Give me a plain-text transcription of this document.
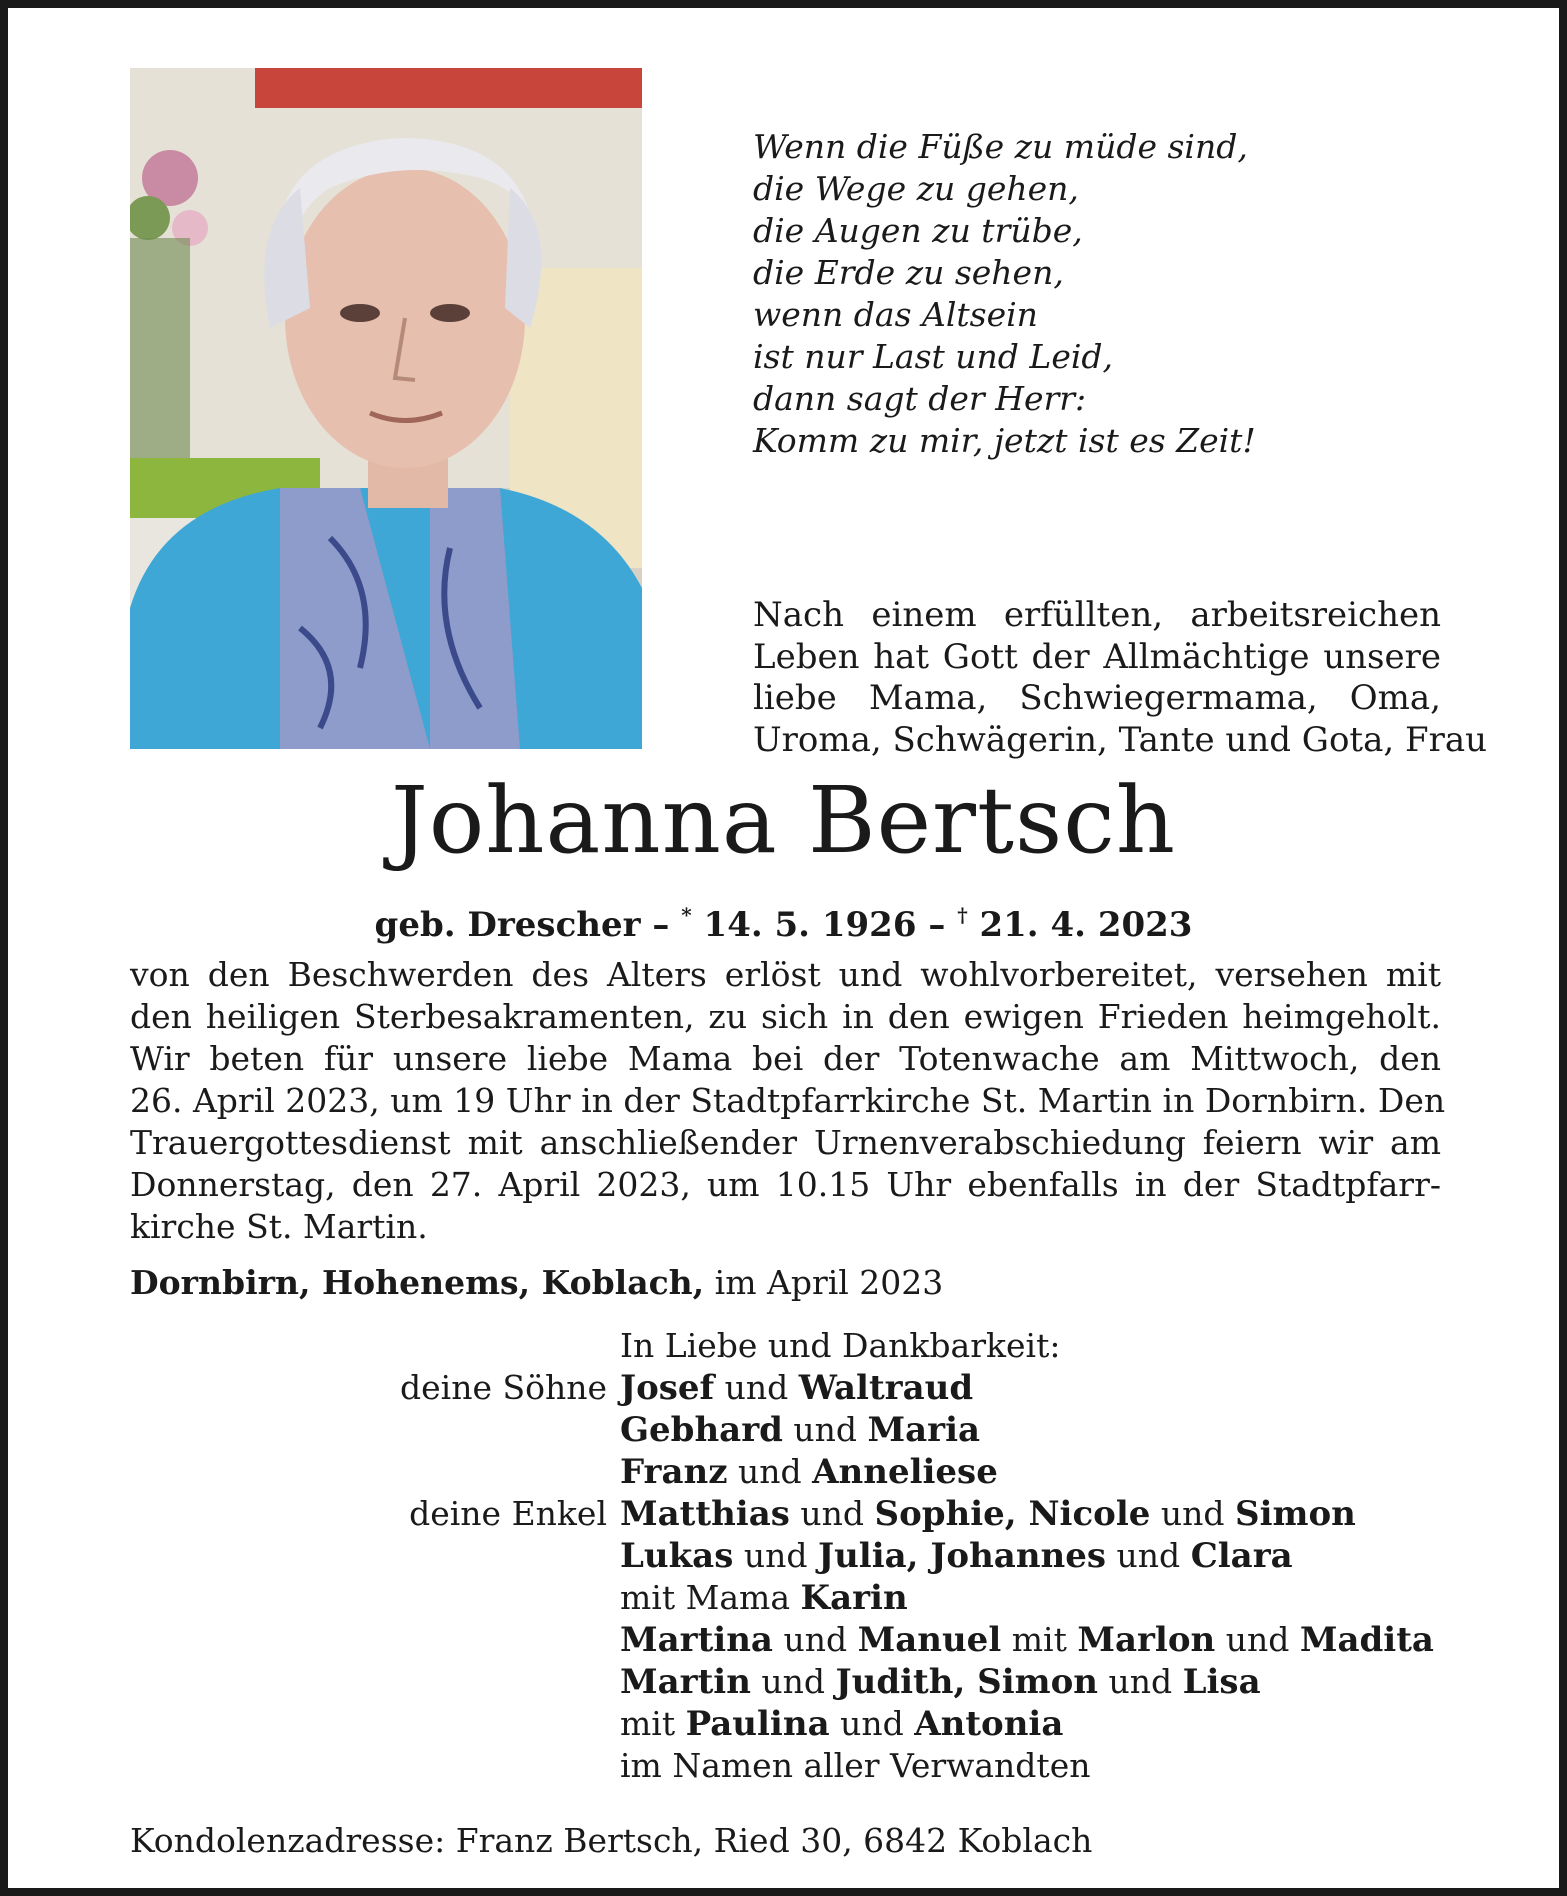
Wenn die Füße zu müde sind,
die Wege zu gehen,
die Augen zu trübe,
die Erde zu sehen,
wenn das Altsein
ist nur Last und Leid,
dann sagt der Herr:
Komm zu mir, jetzt ist es Zeit!
Nach einem erfüllten, arbeitsreichen
Leben hat Gott der Allmächtige unsere
liebe Mama, Schwiegermama, Oma,
Uroma, Schwägerin, Tante und Gota, Frau
Johanna Bertsch
geb. Drescher – * 14. 5. 1926 – † 21. 4. 2023
von den Beschwerden des Alters erlöst und wohlvorbereitet, versehen mit
den heiligen Sterbesakramenten, zu sich in den ewigen Frieden heimgeholt.
Wir beten für unsere liebe Mama bei der Totenwache am Mittwoch, den
26. April 2023, um 19 Uhr in der Stadtpfarrkirche St. Martin in Dornbirn. Den
Trauergottesdienst mit anschließender Urnenverabschiedung feiern wir am
Donnerstag, den 27. April 2023, um 10.15 Uhr ebenfalls in der Stadtpfarr-
kirche St. Martin.
Dornbirn, Hohenems, Koblach, im April 2023
In Liebe und Dankbarkeit:
deine Söhne Josef und Waltraud
Gebhard und Maria
Franz und Anneliese
deine Enkel Matthias und Sophie, Nicole und Simon
Lukas und Julia, Johannes und Clara
mit Mama Karin
Martina und Manuel mit Marlon und Madita
Martin und Judith, Simon und Lisa
mit Paulina und Antonia
im Namen aller Verwandten
Kondolenzadresse: Franz Bertsch, Ried 30, 6842 Koblach
